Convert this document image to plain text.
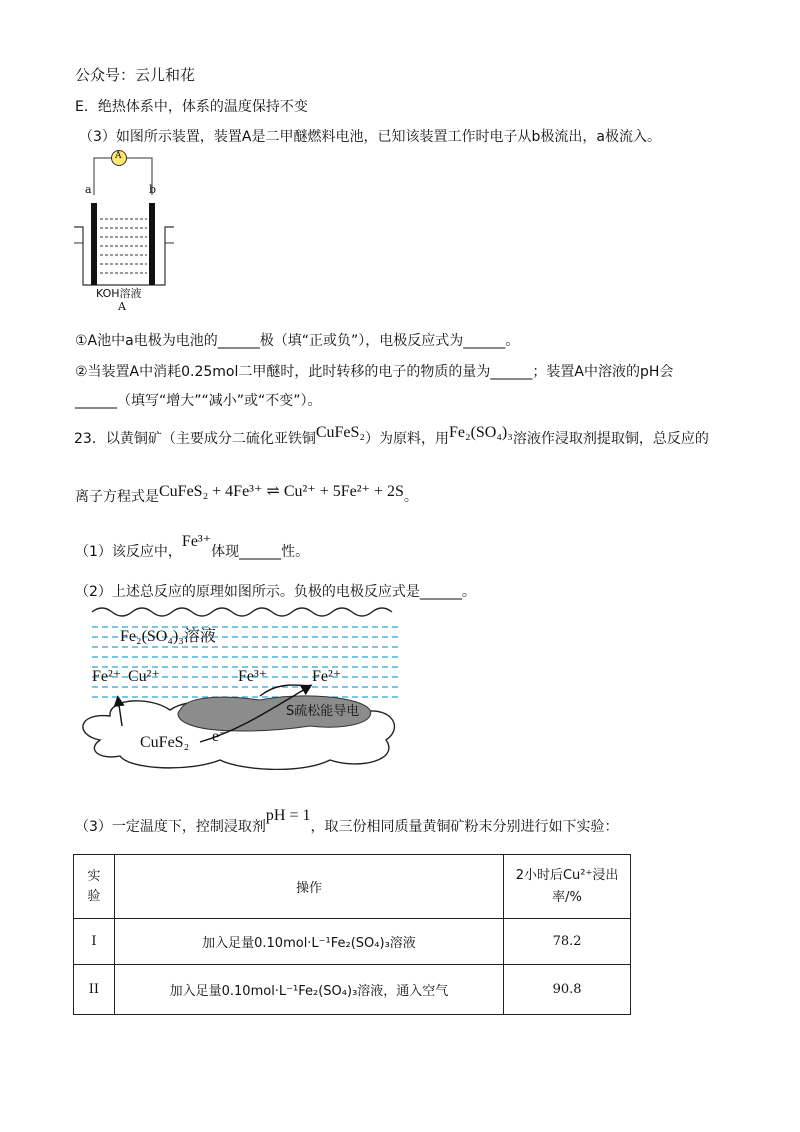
公众号：云儿和花
E．绝热体系中，体系的温度保持不变
（3）如图所示装置，装置A是二甲醚燃料电池，已知该装置工作时电子从b极流出，a极流入。
A
a	b
KOH溶液
A
①A池中a电极为电池的______极（填“正或负”），电极反应式为______。
②当装置A中消耗0.25mol二甲醚时，此时转移的电子的物质的量为______；装置A中溶液的pH会
______（填写“增大”“减小”或“不变”）。
23．以黄铜矿（主要成分二硫化亚铁铜CuFeS₂）为原料，用Fe₂(SO₄)₃溶液作浸取剂提取铜，总反应的
离子方程式是CuFeS₂ + 4Fe³⁺ ⇌ Cu²⁺ + 5Fe²⁺ + 2S。
（1）该反应中，Fe³⁺体现______性。
（2）上述总反应的原理如图所示。负极的电极反应式是______。
Fe₂(SO₄)₃溶液
Fe²⁺ Cu²⁺	Fe³⁺	Fe²⁺
S疏松能导电
e⁻
CuFeS₂
（3）一定温度下，控制浸取剂pH = 1，取三份相同质量黄铜矿粉末分别进行如下实验：
实验	操作	2小时后Cu²⁺浸出率/%
I	加入足量0.10mol·L⁻¹Fe₂(SO₄)₃溶液	78.2
II	加入足量0.10mol·L⁻¹Fe₂(SO₄)₃溶液，通入空气	90.8
